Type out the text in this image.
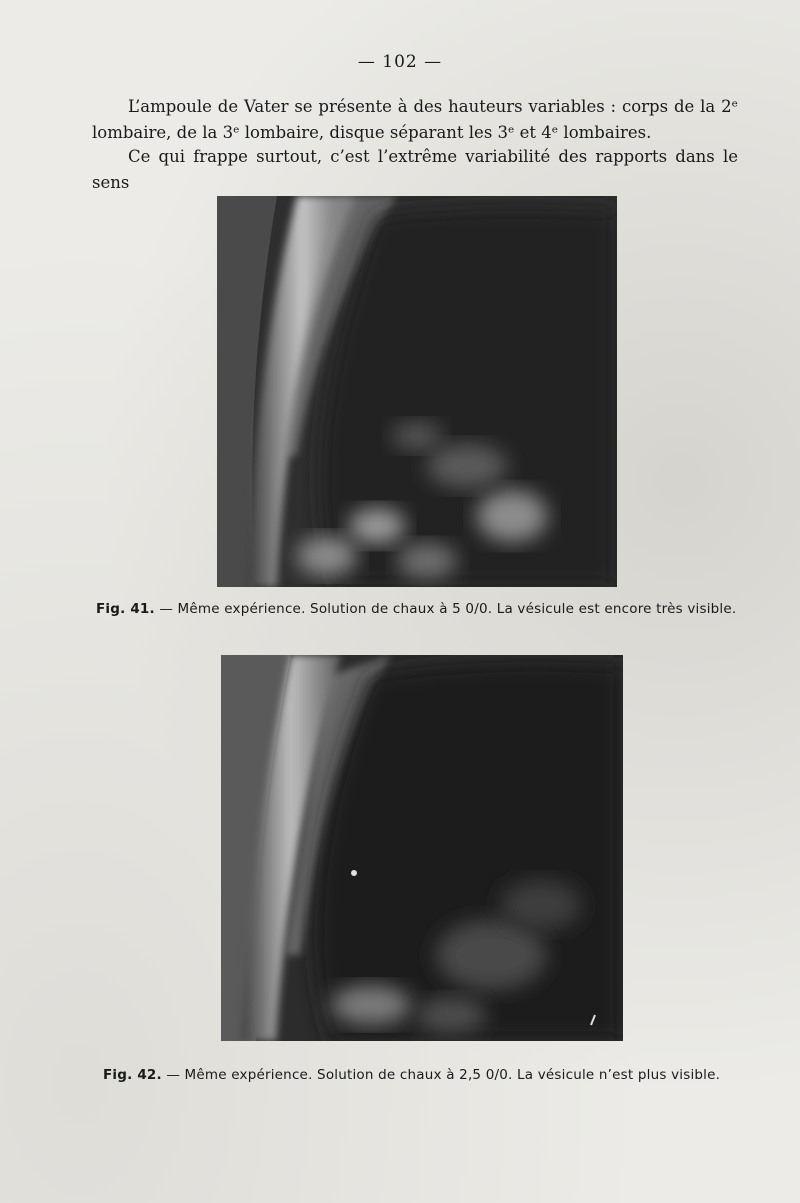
— 102 —
L’ampoule de Vater se présente à des hauteurs variables : corps de la 2ᵉ lombaire, de la 3ᵉ lombaire, disque séparant les 3ᵉ et 4ᵉ lombaires.
Ce qui frappe surtout, c’est l’extrême variabilité des rapports dans le sens
Fig. 41. — Même expérience. Solution de chaux à 5 0/0. La vésicule est encore très visible.
Fig. 42. — Même expérience. Solution de chaux à 2,5 0/0. La vésicule n’est plus visible.
